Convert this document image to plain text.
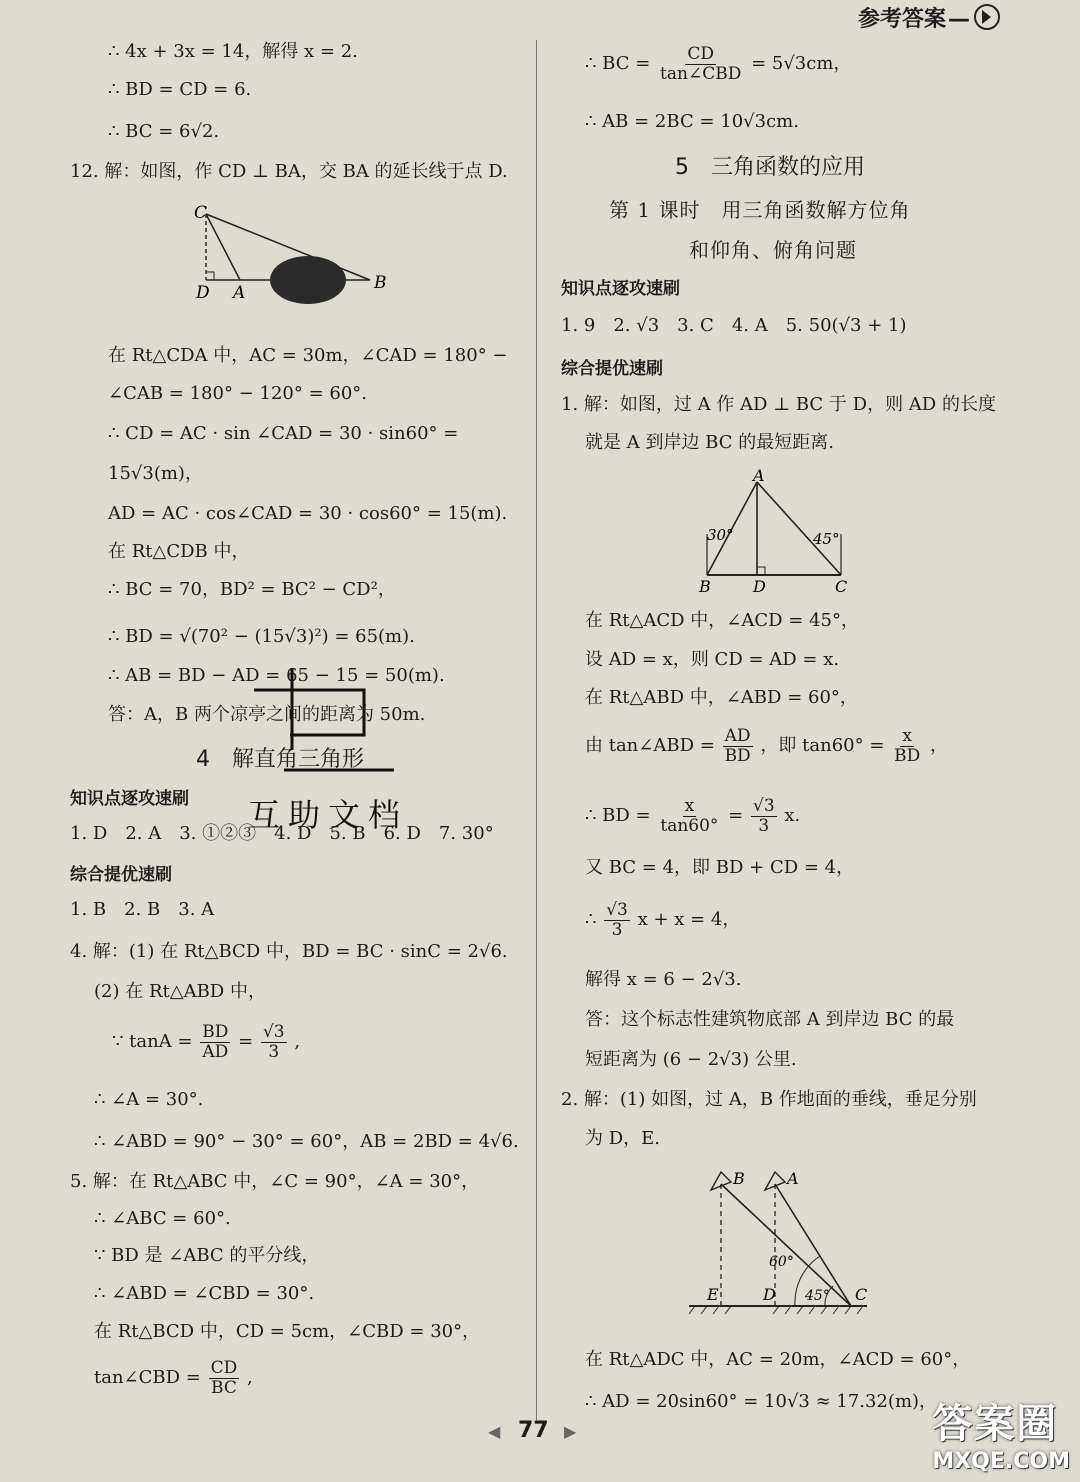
参考答案—
∴ 4x + 3x = 14，解得 x = 2.
∴ BD = CD = 6.
∴ BC = 6√2.
12. 解：如图，作 CD ⊥ BA，交 BA 的延长线于点 D.
C
D A	B
在 Rt△CDA 中，AC = 30m，∠CAD = 180° −
∠CAB = 180° − 120° = 60°.
∴ CD = AC · sin ∠CAD = 30 · sin60° =
15√3(m)，
AD = AC · cos∠CAD = 30 · cos60° = 15(m).
在 Rt△CDB 中，
∴ BC = 70，BD² = BC² − CD²，
∴ BD = √(70² − (15√3)²) = 65(m).
∴ AB = BD − AD = 65 − 15 = 50(m).
答：A，B 两个凉亭之间的距离为 50m.
4　解直角三角形
知识点逐攻速刷 互助文档
1. D　2. A　3. ①②③　4. D　5. B　6. D　7. 30°
综合提优速刷
1. B　2. B　3. A
4. 解：(1) 在 Rt△BCD 中，BD = BC · sinC = 2√6.
(2) 在 Rt△ABD 中，
∵ $\tan A = \frac{BD}{AD} = \frac{√3}{3}$ ,
∴ ∠A = 30°.
∴ ∠ABD = 90° − 30° = 60°，AB = 2BD = 4√6.
5. 解：在 Rt△ABC 中，∠C = 90°，∠A = 30°，
∴ ∠ABC = 60°.
∵ BD 是 ∠ABC 的平分线，
∴ ∠ABD = ∠CBD = 30°.
在 Rt△BCD 中，CD = 5cm，∠CBD = 30°，
tan∠CBD = $\frac{CD}{BC}$ ,
∴ BC = $\frac{CD}{\text{tan∠CBD}} = 5√3cm$，
∴ AB = 2BC = 10√3cm.
5　三角函数的应用
第 1 课时　用三角函数解方位角
和仰角、俯角问题
知识点逐攻速刷
1. 9　2. √3　3. C　4. A　5. 50(√3 + 1)
综合提优速刷
1. 解：如图，过 A 作 AD ⊥ BC 于 D，则 AD 的长度
就是 A 到岸边 BC 的最短距离.
A
B	D	C
30°	45°
在 Rt△ACD 中，∠ACD = 45°，
设 AD = x，则 CD = AD = x.
在 Rt△ABD 中，∠ABD = 60°，
由 tan∠ABD = $\frac{AD}{BD}$ ，即 $\tan 60^\circ = \frac{x}{BD}$ ，
∴ BD = $\frac{x}{\tan 60^\circ} = \frac{√3}{3} x$.
又 BC = 4，即 BD + CD = 4，
∴ $\frac{√3}{3}$ x + x = 4，
解得 x = 6 − 2√3.
答：这个标志性建筑物底部 A 到岸边 BC 的最
短距离为 (6 − 2√3) 公里.
2. 解：(1) 如图，过 A，B 作地面的垂线，垂足分别
为 D，E.
B	A
E	D	C
60°
45°
在 Rt△ADC 中，AC = 20m，∠ACD = 60°，
∴ AD = 20sin60° = 10√3 ≈ 17.32(m)，
◀ 77 ▶	答案圈
MXQE.COM
